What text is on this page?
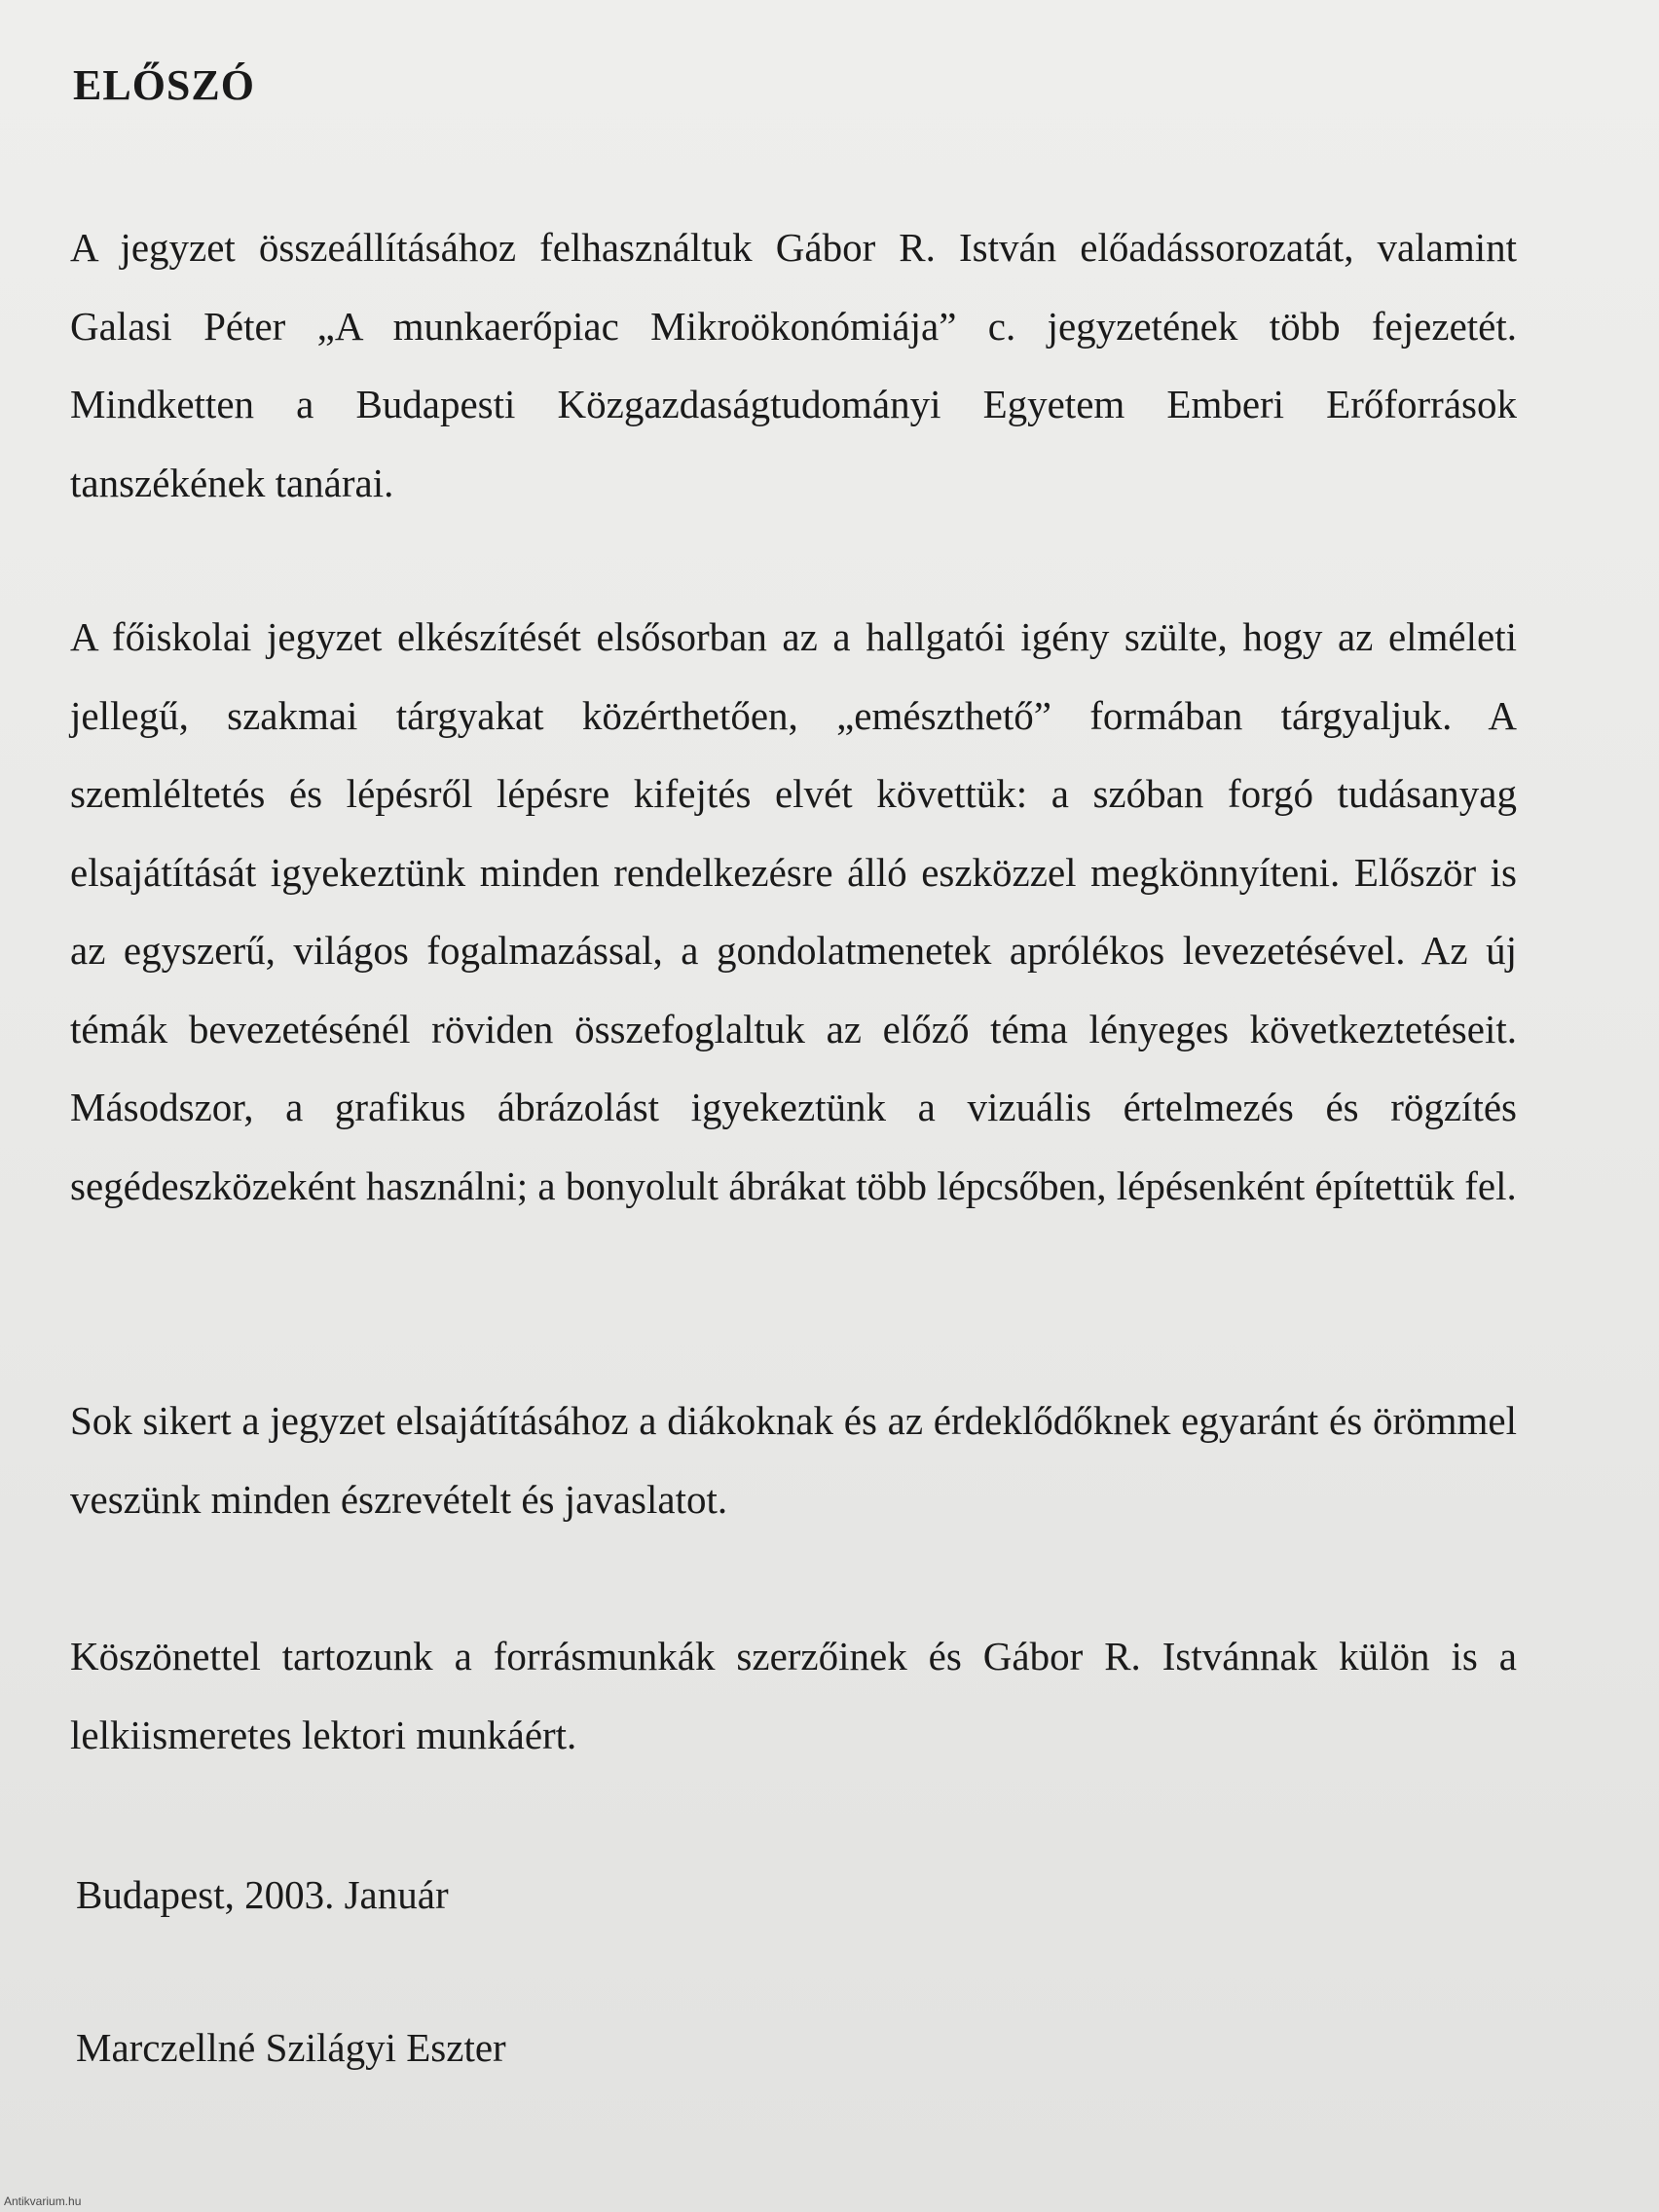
ELŐSZÓ

A jegyzet összeállításához felhasználtuk Gábor R. István előadássorozatát, valamint Galasi Péter „A munkaerőpiac Mikroökonómiája” c. jegyzetének több fejezetét. Mindketten a Budapesti Közgazdaságtudományi Egyetem Emberi Erőforrások tanszékének tanárai.

A főiskolai jegyzet elkészítését elsősorban az a hallgatói igény szülte, hogy az elméleti jellegű, szakmai tárgyakat közérthetően, „emészthető” formában tárgyaljuk. A szemléltetés és lépésről lépésre kifejtés elvét követtük: a szóban forgó tudásanyag elsajátítását igyekeztünk minden rendelkezésre álló eszközzel megkönnyíteni. Először is az egyszerű, világos fogalmazással, a gondolatmenetek aprólékos levezetésével. Az új témák bevezetésénél röviden összefoglaltuk az előző téma lényeges következtetéseit. Másodszor, a grafikus ábrázolást igyekeztünk a vizuális értelmezés és rögzítés segédeszközeként használni; a bonyolult ábrákat több lépcsőben, lépésenként építettük fel.

Sok sikert a jegyzet elsajátításához a diákoknak és az érdeklődőknek egyaránt és örömmel veszünk minden észrevételt és javaslatot.

Köszönettel tartozunk a forrásmunkák szerzőinek és Gábor R. Istvánnak külön is a lelkiismeretes lektori munkáért.

Budapest, 2003. Január

Marczellné Szilágyi Eszter

Antikvarium.hu
